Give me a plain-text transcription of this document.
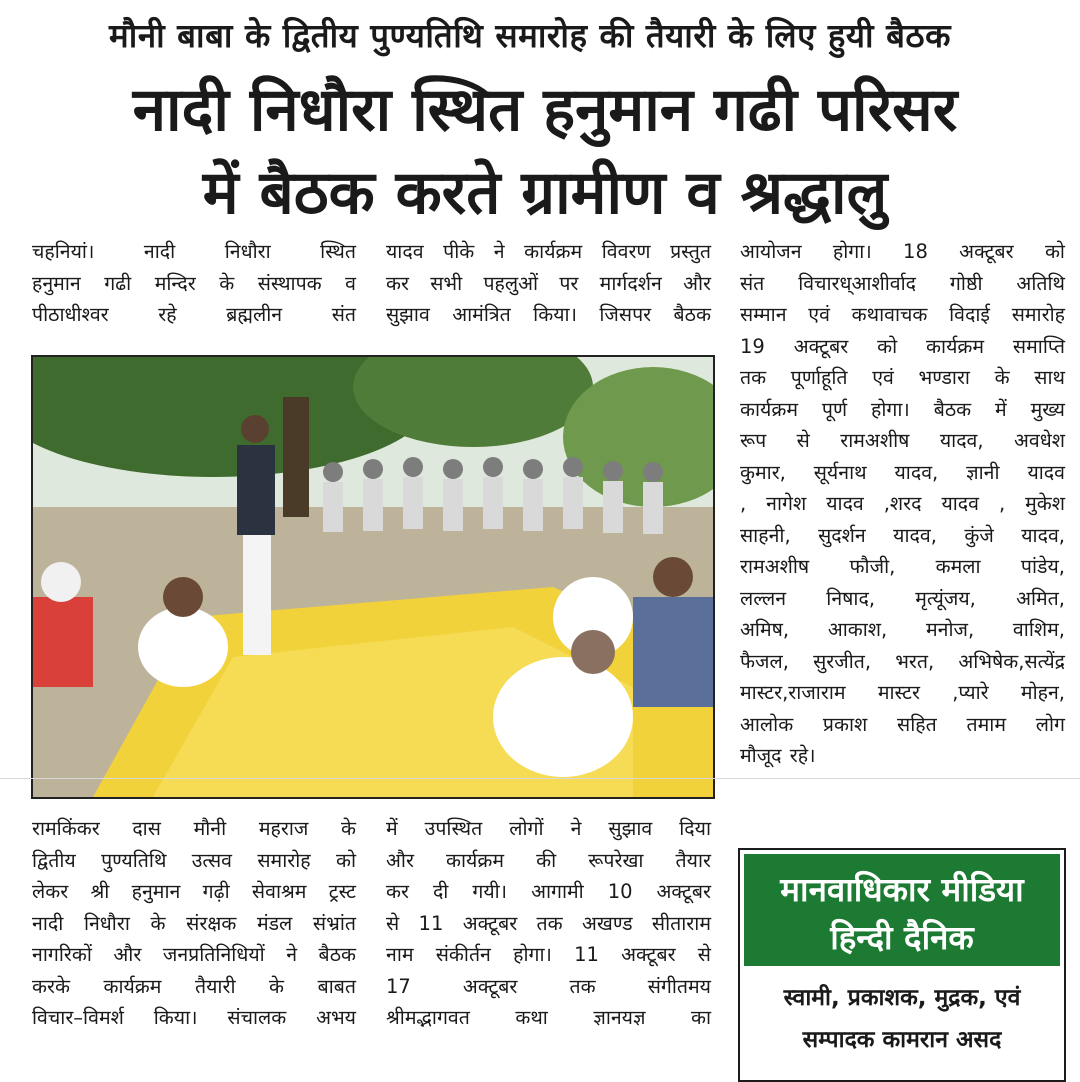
मौनी बाबा के द्वितीय पुण्यतिथि समारोह की तैयारी के लिए हुयी बैठक
नादी निधौरा स्थित हनुमान गढी परिसर
में बैठक करते ग्रामीण व श्रद्धालु

चहनियां। नादी निधौरा स्थित

हनुमान गढी मन्दिर के संस्थापक व

पीठाधीश्वर रहे ब्रह्मलीन संत

यादव पीके ने कार्यक्रम विवरण प्रस्तुत

कर सभी पहलुओं पर मार्गदर्शन और

सुझाव आमंत्रित किया। जिसपर बैठक

आयोजन होगा। 18 अक्टूबर को

संत विचारध्आशीर्वाद गोष्ठी अतिथि

सम्मान एवं कथावाचक विदाई समारोह

19 अक्टूबर को कार्यक्रम समाप्ति

तक पूर्णाहूति एवं भण्डारा के साथ

कार्यक्रम पूर्ण होगा। बैठक में मुख्य

रूप से रामअशीष यादव, अवधेश

कुमार, सूर्यनाथ यादव, ज्ञानी यादव

, नागेश यादव ,शरद यादव , मुकेश

साहनी, सुदर्शन यादव, कुंजे यादव,

रामअशीष फौजी, कमला पांडेय,

लल्लन निषाद, मृत्यूंजय, अमित,

अमिष, आकाश, मनोज, वाशिम,

फैजल, सुरजीत, भरत, अभिषेक,सत्येंद्र

मास्टर,राजाराम मास्टर ,प्यारे मोहन,

आलोक प्रकाश सहित तमाम लोग

मौजूद रहे।

रामकिंकर दास मौनी महराज के

द्वितीय पुण्यतिथि उत्सव समारोह को

लेकर श्री हनुमान गढ़ी सेवाश्रम ट्रस्ट

नादी निधौरा के संरक्षक मंडल संभ्रांत

नागरिकों और जनप्रतिनिधियों ने बैठक

करके कार्यक्रम तैयारी के बाबत

विचार–विमर्श किया। संचालक अभय

में उपस्थित लोगों ने सुझाव दिया

और कार्यक्रम की रूपरेखा तैयार

कर दी गयी। आगामी 10 अक्टूबर

से 11 अक्टूबर तक अखण्ड सीताराम

नाम संकीर्तन होगा। 11 अक्टूबर से

17 अक्टूबर तक संगीतमय

श्रीमद्भागवत कथा ज्ञानयज्ञ का

मानवाधिकार मीडिया
हिन्दी दैनिक
स्वामी, प्रकाशक, मुद्रक, एवं
सम्पादक कामरान असद
